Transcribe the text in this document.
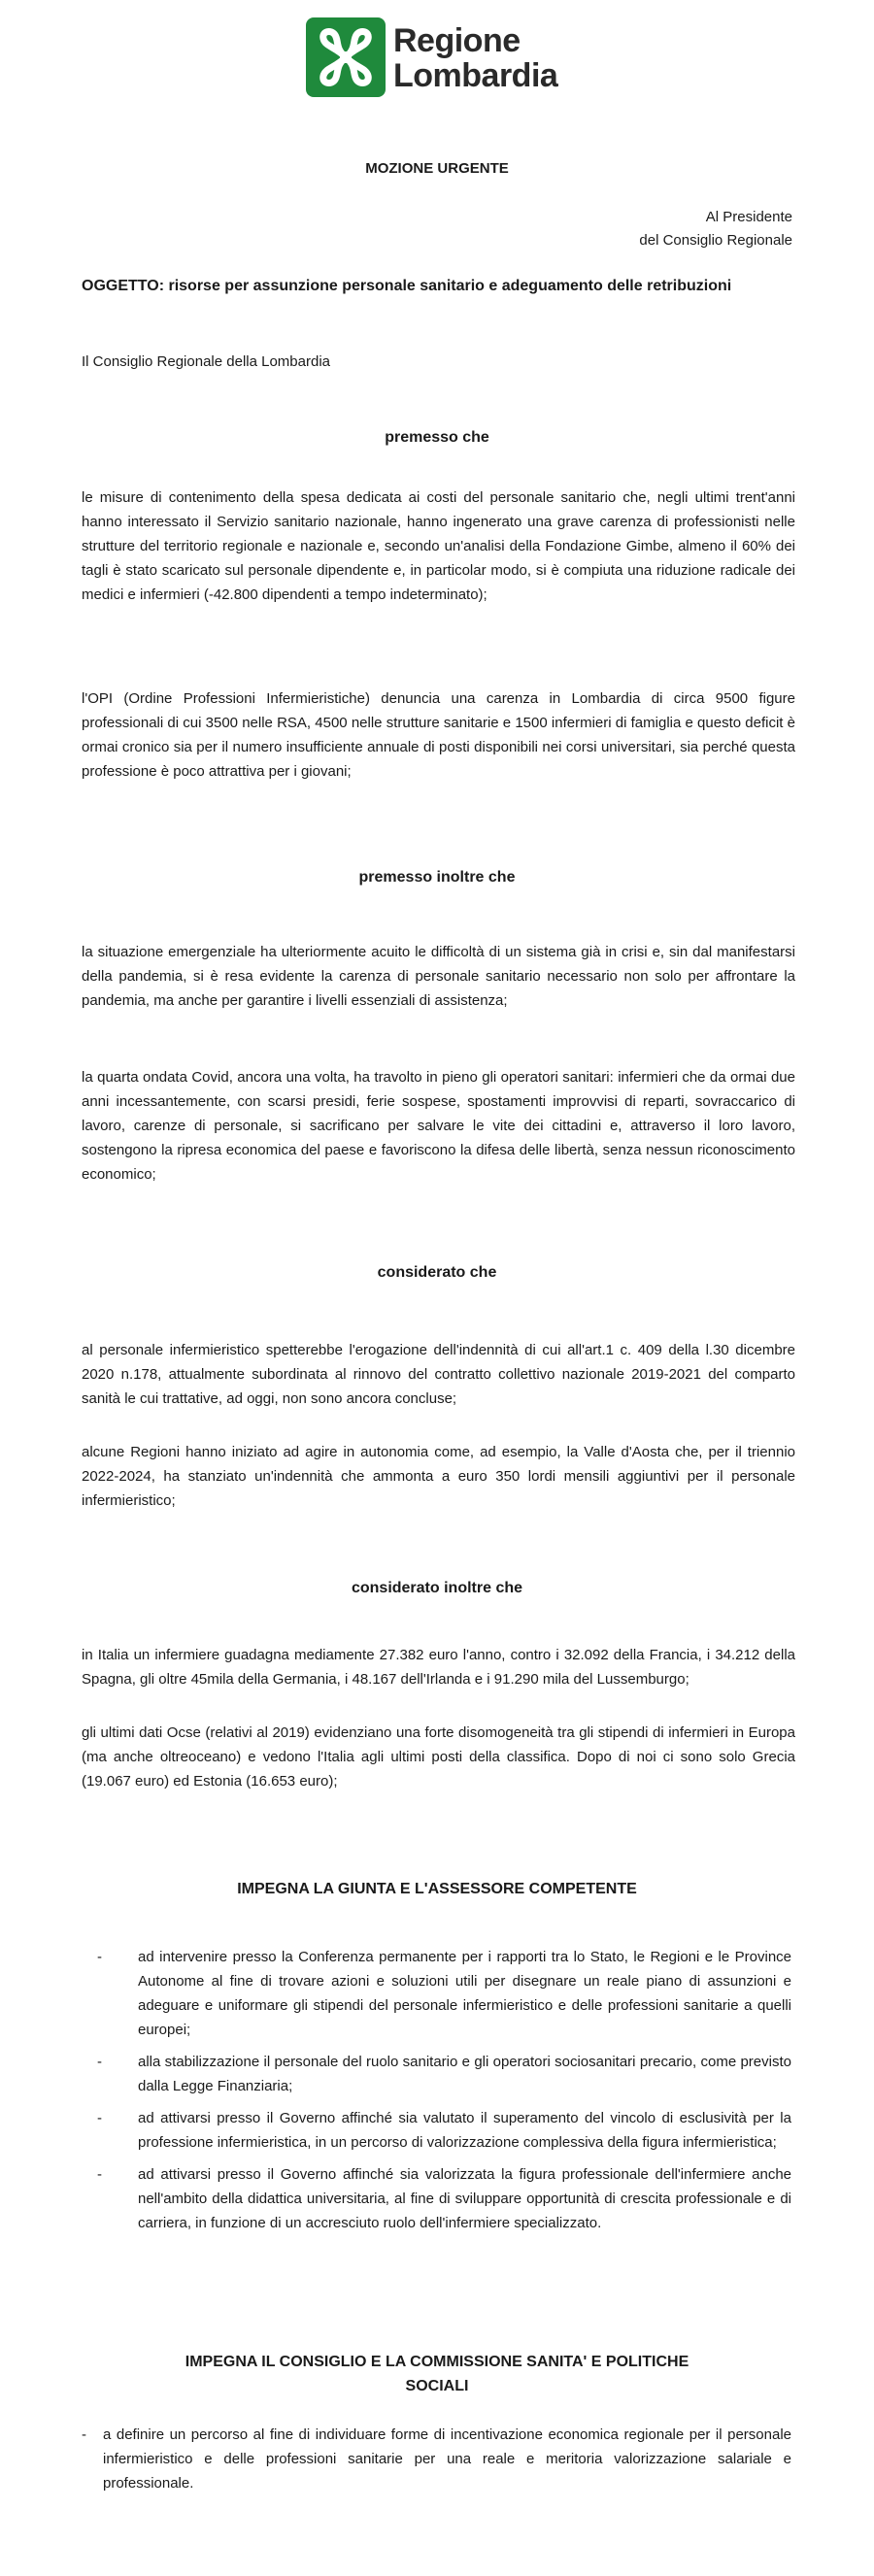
Regione
Lombardia
MOZIONE URGENTE
Al Presidente
del Consiglio Regionale
OGGETTO: risorse per assunzione personale sanitario e adeguamento delle retribuzioni
Il Consiglio Regionale della Lombardia
premesso che
le misure di contenimento della spesa dedicata ai costi del personale sanitario che, negli ultimi trent'anni hanno interessato il Servizio sanitario nazionale, hanno ingenerato una grave carenza di professionisti nelle strutture del territorio regionale e nazionale e, secondo un'analisi della Fondazione Gimbe, almeno il 60% dei tagli è stato scaricato sul personale dipendente e, in particolar modo, si è compiuta una riduzione radicale dei medici e infermieri (-42.800 dipendenti a tempo indeterminato);
l'OPI (Ordine Professioni Infermieristiche) denuncia una carenza in Lombardia di circa 9500 figure professionali di cui 3500 nelle RSA, 4500 nelle strutture sanitarie e 1500 infermieri di famiglia e questo deficit è ormai cronico sia per il numero insufficiente annuale di posti disponibili nei corsi universitari, sia perché questa professione è poco attrattiva per i giovani;
premesso inoltre che
la situazione emergenziale ha ulteriormente acuito le difficoltà di un sistema già in crisi e, sin dal manifestarsi della pandemia, si è resa evidente la carenza di personale sanitario necessario non solo per affrontare la pandemia, ma anche per garantire i livelli essenziali di assistenza;
la quarta ondata Covid, ancora una volta, ha travolto in pieno gli operatori sanitari: infermieri che da ormai due anni incessantemente, con scarsi presidi, ferie sospese, spostamenti improvvisi di reparti, sovraccarico di lavoro, carenze di personale, si sacrificano per salvare le vite dei cittadini e, attraverso il loro lavoro, sostengono la ripresa economica del paese e favoriscono la difesa delle libertà, senza nessun riconoscimento economico;
considerato che
al personale infermieristico spetterebbe l'erogazione dell'indennità di cui all'art.1 c. 409 della l.30 dicembre 2020 n.178, attualmente subordinata al rinnovo del contratto collettivo nazionale 2019-2021 del comparto sanità le cui trattative, ad oggi, non sono ancora concluse;
alcune Regioni hanno iniziato ad agire in autonomia come, ad esempio, la Valle d'Aosta che, per il triennio 2022-2024, ha stanziato un'indennità che ammonta a euro 350 lordi mensili aggiuntivi per il personale infermieristico;
considerato inoltre che
in Italia un infermiere guadagna mediamente 27.382 euro l'anno, contro i 32.092 della Francia, i 34.212 della Spagna, gli oltre 45mila della Germania, i 48.167 dell'Irlanda e i 91.290 mila del Lussemburgo;
gli ultimi dati Ocse (relativi al 2019) evidenziano una forte disomogeneità tra gli stipendi di infermieri in Europa (ma anche oltreoceano) e vedono l'Italia agli ultimi posti della classifica. Dopo di noi ci sono solo Grecia (19.067 euro) ed Estonia (16.653 euro);
IMPEGNA LA GIUNTA E L'ASSESSORE COMPETENTE
- ad intervenire presso la Conferenza permanente per i rapporti tra lo Stato, le Regioni e le Province Autonome al fine di trovare azioni e soluzioni utili per disegnare un reale piano di assunzioni e adeguare e uniformare gli stipendi del personale infermieristico e delle professioni sanitarie a quelli europei;
- alla stabilizzazione il personale del ruolo sanitario e gli operatori sociosanitari precario, come previsto dalla Legge Finanziaria;
- ad attivarsi presso il Governo affinché sia valutato il superamento del vincolo di esclusività per la professione infermieristica, in un percorso di valorizzazione complessiva della figura infermieristica;
- ad attivarsi presso il Governo affinché sia valorizzata la figura professionale dell'infermiere anche nell'ambito della didattica universitaria, al fine di sviluppare opportunità di crescita professionale e di carriera, in funzione di un accresciuto ruolo dell'infermiere specializzato.
IMPEGNA IL CONSIGLIO E LA COMMISSIONE SANITA' E POLITICHE
SOCIALI
- a definire un percorso al fine di individuare forme di incentivazione economica regionale per il personale infermieristico e delle professioni sanitarie per una reale e meritoria valorizzazione salariale e professionale.
